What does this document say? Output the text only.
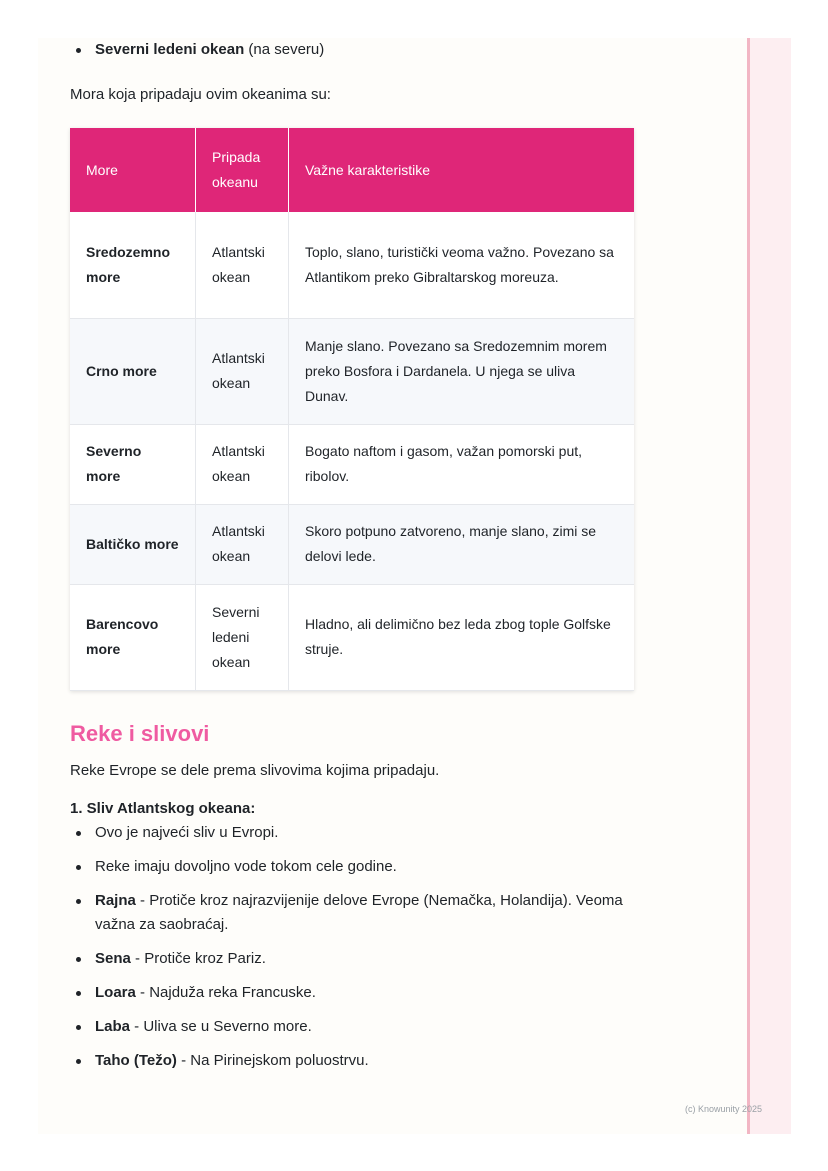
Severni ledeni okean (na severu)

Mora koja pripadaju ovim okeanima su:

More	Pripada okeanu	Važne karakteristike
Sredozemno more	Atlantski okean	Toplo, slano, turistički veoma važno. Povezano sa Atlantikom preko Gibraltarskog moreuza.
Crno more	Atlantski okean	Manje slano. Povezano sa Sredozemnim morem preko Bosfora i Dardanela. U njega se uliva Dunav.
Severno more	Atlantski okean	Bogato naftom i gasom, važan pomorski put, ribolov.
Baltičko more	Atlantski okean	Skoro potpuno zatvoreno, manje slano, zimi se delovi lede.
Barencovo more	Severni ledeni okean	Hladno, ali delimično bez leda zbog tople Golfske struje.
Reke i slivovi

Reke Evrope se dele prema slivovima kojima pripadaju.

1. Sliv Atlantskog okeana:

Ovo je najveći sliv u Evropi.
Reke imaju dovoljno vode tokom cele godine.
Rajna - Protiče kroz najrazvijenije delove Evrope (Nemačka, Holandija). Veoma važna za saobraćaj.
Sena - Protiče kroz Pariz.
Loara - Najduža reka Francuske.
Laba - Uliva se u Severno more.
Taho (Težo) - Na Pirinejskom poluostrvu.
(c) Knowunity 2025
